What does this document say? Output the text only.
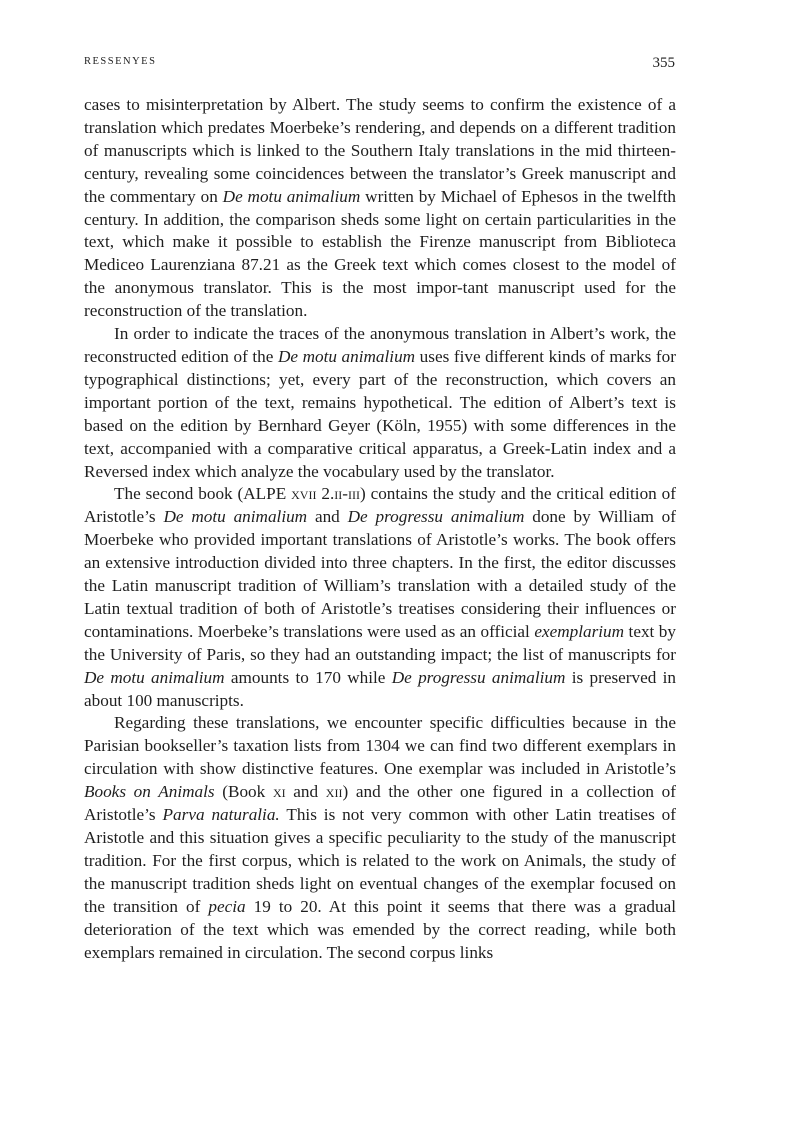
RESSENYES	355

cases to misinterpretation by Albert. The study seems to confirm the existence of a translation which predates Moerbeke’s rendering, and depends on a different tradition of manuscripts which is linked to the Southern Italy translations in the mid thirteen-century, revealing some coincidences between the translator’s Greek manuscript and the commentary on De motu animalium written by Michael of Ephesos in the twelfth century. In addition, the comparison sheds some light on certain particularities in the text, which make it possible to establish the Firenze manuscript from Biblioteca Mediceo Laurenziana 87.21 as the Greek text which comes closest to the model of the anonymous translator. This is the most impor-tant manuscript used for the reconstruction of the translation.

In order to indicate the traces of the anonymous translation in Albert’s work, the reconstructed edition of the De motu animalium uses five different kinds of marks for typographical distinctions; yet, every part of the reconstruction, which covers an important portion of the text, remains hypothetical. The edition of Albert’s text is based on the edition by Bernhard Geyer (Köln, 1955) with some differences in the text, accompanied with a comparative critical apparatus, a Greek-Latin index and a Reversed index which analyze the vocabulary used by the translator.

The second book (ALPE xvii 2.ii-iii) contains the study and the critical edition of Aristotle’s De motu animalium and De progressu animalium done by William of Moerbeke who provided important translations of Aristotle’s works. The book offers an extensive introduction divided into three chapters. In the first, the editor discusses the Latin manuscript tradition of William’s translation with a detailed study of the Latin textual tradition of both of Aristotle’s treatises considering their influences or contaminations. Moerbeke’s translations were used as an official exemplarium text by the University of Paris, so they had an outstanding impact; the list of manuscripts for De motu animalium amounts to 170 while De progressu animalium is preserved in about 100 manuscripts.

Regarding these translations, we encounter specific difficulties because in the Parisian bookseller’s taxation lists from 1304 we can find two different exemplars in circulation with show distinctive features. One exemplar was included in Aristotle’s Books on Animals (Book xi and xii) and the other one figured in a collection of Aristotle’s Parva naturalia. This is not very common with other Latin treatises of Aristotle and this situation gives a specific peculiarity to the study of the manuscript tradition. For the first corpus, which is related to the work on Animals, the study of the manuscript tradition sheds light on eventual changes of the exemplar focused on the transition of pecia 19 to 20. At this point it seems that there was a gradual deterioration of the text which was emended by the correct reading, while both exemplars remained in circulation. The second corpus links
